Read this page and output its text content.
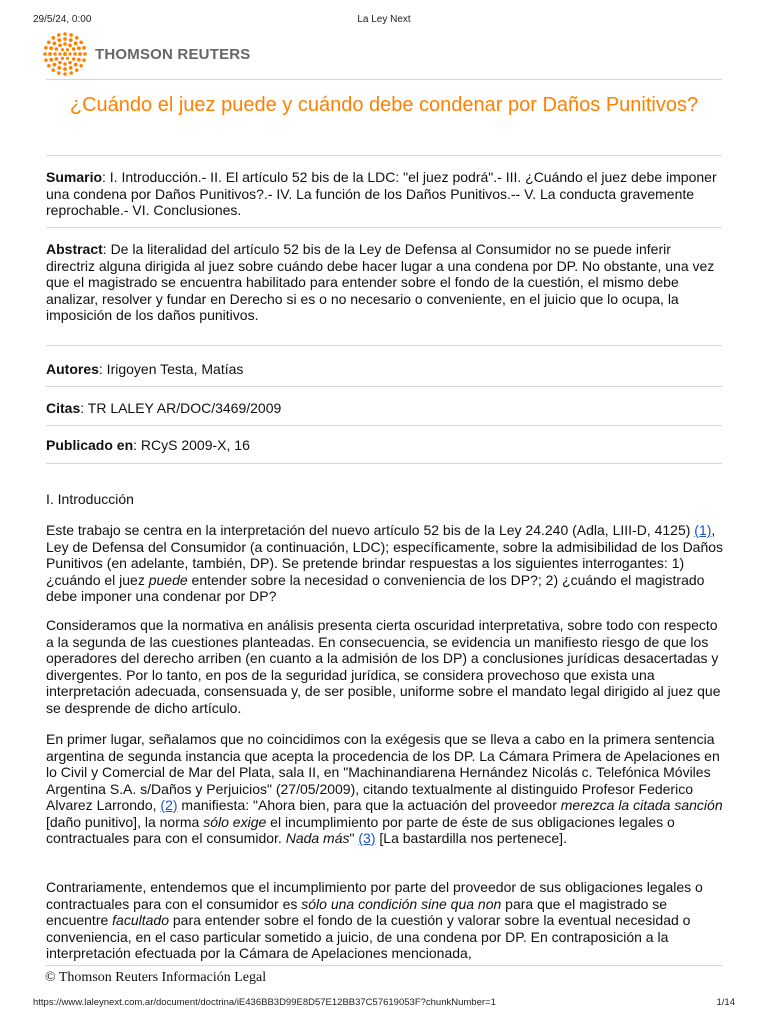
29/5/24, 0:00	La Ley Next
THOMSON REUTERS
¿Cuándo el juez puede y cuándo debe condenar por Daños Punitivos?

Sumario: I. Introducción.- II. El artículo 52 bis de la LDC: "el juez podrá".- III. ¿Cuándo el juez debe imponer una condena por Daños Punitivos?.- IV. La función de los Daños Punitivos.-- V. La conducta gravemente reprochable.- VI. Conclusiones.

Abstract: De la literalidad del artículo 52 bis de la Ley de Defensa al Consumidor no se puede inferir directriz alguna dirigida al juez sobre cuándo debe hacer lugar a una condena por DP. No obstante, una vez que el magistrado se encuentra habilitado para entender sobre el fondo de la cuestión, el mismo debe analizar, resolver y fundar en Derecho si es o no necesario o conveniente, en el juicio que lo ocupa, la imposición de los daños punitivos.

Autores: Irigoyen Testa, Matías

Citas: TR LALEY AR/DOC/3469/2009

Publicado en: RCyS 2009-X, 16

I. Introducción

Este trabajo se centra en la interpretación del nuevo artículo 52 bis de la Ley 24.240 (Adla, LIII-D, 4125) (1), Ley de Defensa del Consumidor (a continuación, LDC); específicamente, sobre la admisibilidad de los Daños Punitivos (en adelante, también, DP). Se pretende brindar respuestas a los siguientes interrogantes: 1) ¿cuándo el juez puede entender sobre la necesidad o conveniencia de los DP?; 2) ¿cuándo el magistrado debe imponer una condenar por DP?

Consideramos que la normativa en análisis presenta cierta oscuridad interpretativa, sobre todo con respecto a la segunda de las cuestiones planteadas. En consecuencia, se evidencia un manifiesto riesgo de que los operadores del derecho arriben (en cuanto a la admisión de los DP) a conclusiones jurídicas desacertadas y divergentes. Por lo tanto, en pos de la seguridad jurídica, se considera provechoso que exista una interpretación adecuada, consensuada y, de ser posible, uniforme sobre el mandato legal dirigido al juez que se desprende de dicho artículo.

En primer lugar, señalamos que no coincidimos con la exégesis que se lleva a cabo en la primera sentencia argentina de segunda instancia que acepta la procedencia de los DP. La Cámara Primera de Apelaciones en lo Civil y Comercial de Mar del Plata, sala II, en "Machinandiarena Hernández Nicolás c. Telefónica Móviles Argentina S.A. s/Daños y Perjuicios" (27/05/2009), citando textualmente al distinguido Profesor Federico Alvarez Larrondo, (2) manifiesta: "Ahora bien, para que la actuación del proveedor merezca la citada sanción [daño punitivo], la norma sólo exige el incumplimiento por parte de éste de sus obligaciones legales o contractuales para con el consumidor. Nada más" (3) [La bastardilla nos pertenece].

Contrariamente, entendemos que el incumplimiento por parte del proveedor de sus obligaciones legales o contractuales para con el consumidor es sólo una condición sine qua non para que el magistrado se encuentre facultado para entender sobre el fondo de la cuestión y valorar sobre la eventual necesidad o conveniencia, en el caso particular sometido a juicio, de una condena por DP. En contraposición a la interpretación efectuada por la Cámara de Apelaciones mencionada,

© Thomson Reuters Información Legal
https://www.laleynext.com.ar/document/doctrina/iE436BB3D99E8D57E12BB37C57619053F?chunkNumber=1	1/14
